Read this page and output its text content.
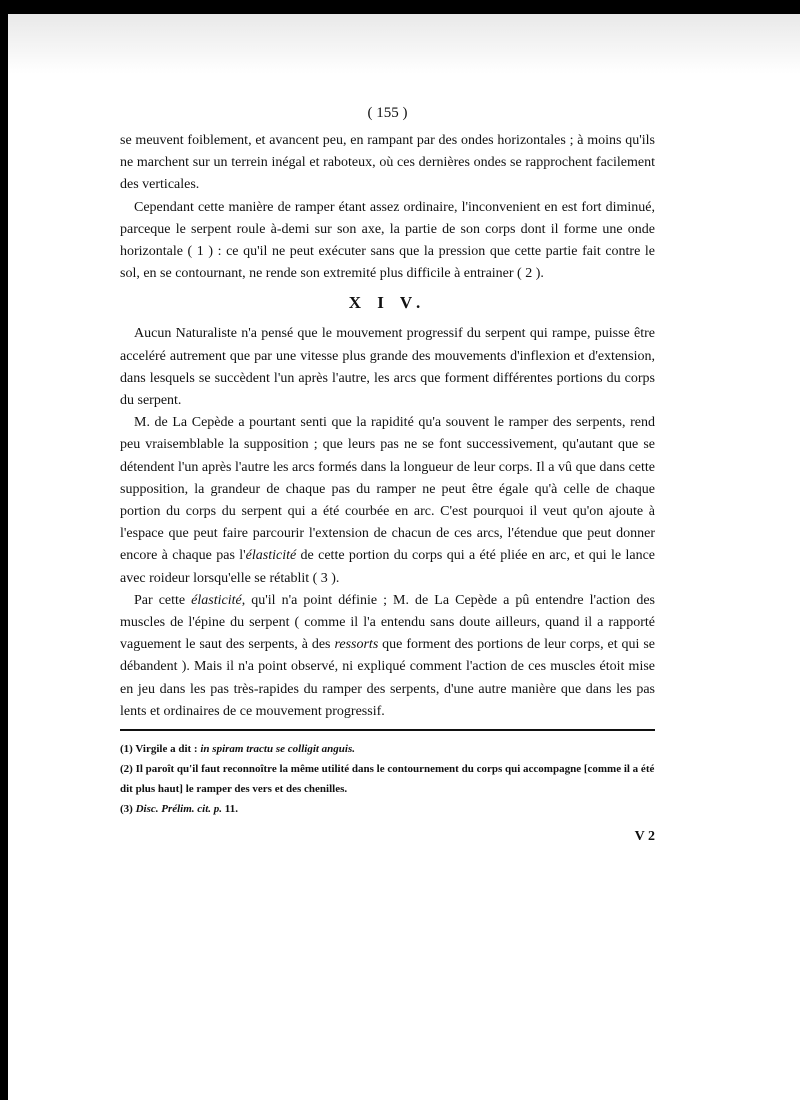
( 155 )

se meuvent foiblement, et avancent peu, en rampant par des ondes horizontales ; à moins qu'ils ne marchent sur un terrein inégal et raboteux, où ces dernières ondes se rapprochent facilement des verticales.

Cependant cette manière de ramper étant assez ordinaire, l'inconvenient en est fort diminué, parceque le serpent roule à-demi sur son axe, la partie de son corps dont il forme une onde horizontale ( 1 ) : ce qu'il ne peut exécuter sans que la pression que cette partie fait contre le sol, en se contournant, ne rende son extremité plus difficile à entrainer ( 2 ).

X I V.

Aucun Naturaliste n'a pensé que le mouvement progressif du serpent qui rampe, puisse être acceléré autrement que par une vitesse plus grande des mouvements d'inflexion et d'extension, dans lesquels se succèdent l'un après l'autre, les arcs que forment différentes portions du corps du serpent.

M. de La Cepède a pourtant senti que la rapidité qu'a souvent le ramper des serpents, rend peu vraisemblable la supposition ; que leurs pas ne se font successivement, qu'autant que se détendent l'un après l'autre les arcs formés dans la longueur de leur corps. Il a vû que dans cette supposition, la grandeur de chaque pas du ramper ne peut être égale qu'à celle de chaque portion du corps du serpent qui a été courbée en arc. C'est pourquoi il veut qu'on ajoute à l'espace que peut faire parcourir l'extension de chacun de ces arcs, l'étendue que peut donner encore à chaque pas l'élasticité de cette portion du corps qui a été pliée en arc, et qui le lance avec roideur lorsqu'elle se rétablit ( 3 ).

Par cette élasticité, qu'il n'a point définie ; M. de La Cepède a pû entendre l'action des muscles de l'épine du serpent ( comme il l'a entendu sans doute ailleurs, quand il a rapporté vaguement le saut des serpents, à des ressorts que forment des portions de leur corps, et qui se débandent ). Mais il n'a point observé, ni expliqué comment l'action de ces muscles étoit mise en jeu dans les pas très-rapides du ramper des serpents, d'une autre manière que dans les pas lents et ordinaires de ce mouvement progressif.

(1) Virgile a dit : in spiram tractu se colligit anguis.
(2) Il paroît qu'il faut reconnoître la même utilité dans le contournement du corps qui accompagne [comme il a été dit plus haut] le ramper des vers et des chenilles.
(3) Disc. Prélim. cit. p. 11.
V 2
